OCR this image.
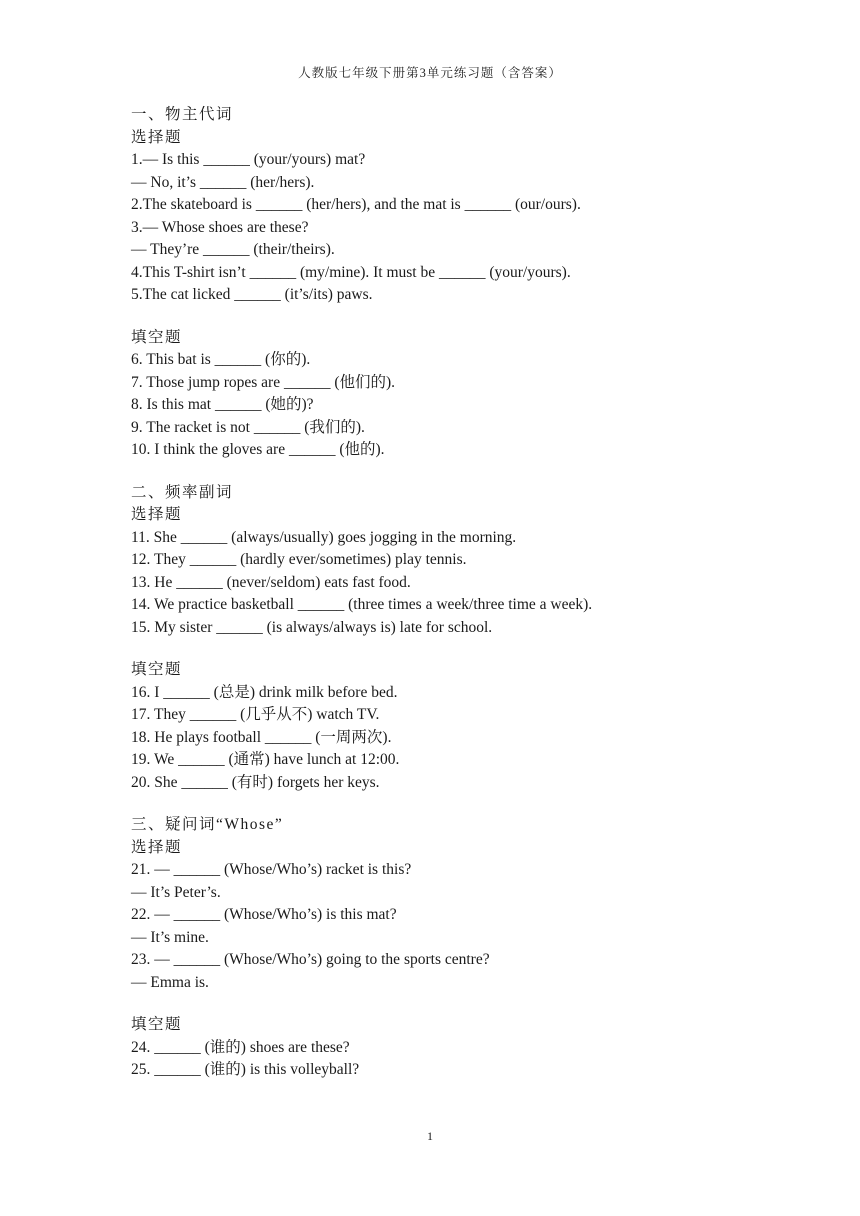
人教版七年级下册第3单元练习题（含答案）
一、物主代词
选择题
1.— Is this ______ (your/yours) mat?
— No, it’s ______ (her/hers).
2.The skateboard is ______ (her/hers), and the mat is ______ (our/ours).
3.— Whose shoes are these?
— They’re ______ (their/theirs).
4.This T-shirt isn’t ______ (my/mine). It must be ______ (your/yours).
5.The cat licked ______ (it’s/its) paws.
填空题
6. This bat is ______ (你的).
7. Those jump ropes are ______ (他们的).
8. Is this mat ______ (她的)?
9. The racket is not ______ (我们的).
10. I think the gloves are ______ (他的).
二、频率副词
选择题
11. She ______ (always/usually) goes jogging in the morning.
12. They ______ (hardly ever/sometimes) play tennis.
13. He ______ (never/seldom) eats fast food.
14. We practice basketball ______ (three times a week/three time a week).
15. My sister ______ (is always/always is) late for school.
填空题
16. I ______ (总是) drink milk before bed.
17. They ______ (几乎从不) watch TV.
18. He plays football ______ (一周两次).
19. We ______ (通常) have lunch at 12:00.
20. She ______ (有时) forgets her keys.
三、疑问词“Whose”
选择题
21. — ______ (Whose/Who’s) racket is this?
— It’s Peter’s.
22. — ______ (Whose/Who’s) is this mat?
— It’s mine.
23. — ______ (Whose/Who’s) going to the sports centre?
— Emma is.
填空题
24. ______ (谁的) shoes are these?
25. ______ (谁的) is this volleyball?
1
